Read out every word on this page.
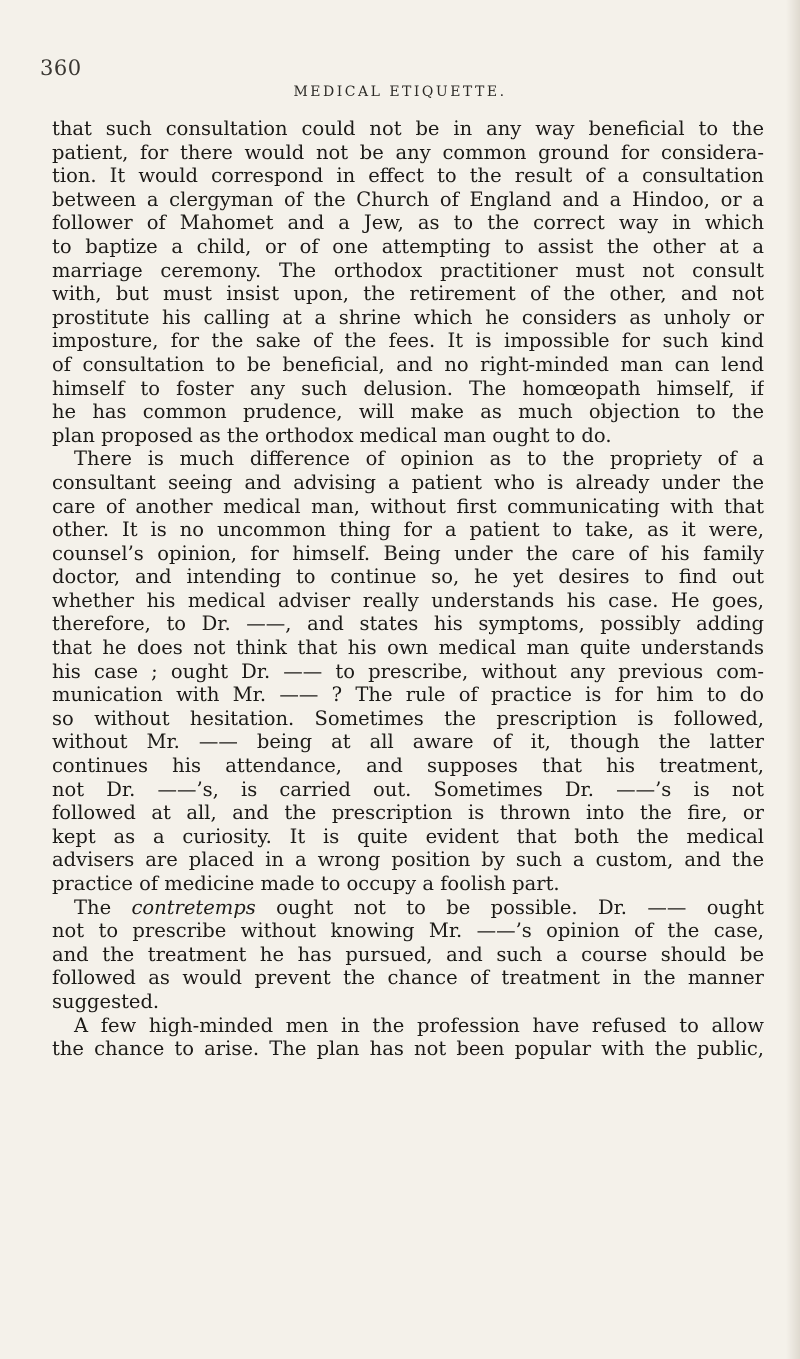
360
MEDICAL ETIQUETTE.
that such consultation could not be in any way beneficial to the
patient, for there would not be any common ground for considera-
tion. It would correspond in effect to the result of a consultation
between a clergyman of the Church of England and a Hindoo, or a
follower of Mahomet and a Jew, as to the correct way in which
to baptize a child, or of one attempting to assist the other at a
marriage ceremony. The orthodox practitioner must not consult
with, but must insist upon, the retirement of the other, and not
prostitute his calling at a shrine which he considers as unholy or
imposture, for the sake of the fees. It is impossible for such kind
of consultation to be beneficial, and no right-minded man can lend
himself to foster any such delusion. The homœopath himself, if
he has common prudence, will make as much objection to the
plan proposed as the orthodox medical man ought to do.
There is much difference of opinion as to the propriety of a
consultant seeing and advising a patient who is already under the
care of another medical man, without first communicating with that
other. It is no uncommon thing for a patient to take, as it were,
counsel’s opinion, for himself. Being under the care of his family
doctor, and intending to continue so, he yet desires to find out
whether his medical adviser really understands his case. He goes,
therefore, to Dr. ——, and states his symptoms, possibly adding
that he does not think that his own medical man quite understands
his case ; ought Dr. —— to prescribe, without any previous com-
munication with Mr. —— ? The rule of practice is for him to do
so without hesitation. Sometimes the prescription is followed,
without Mr. —— being at all aware of it, though the latter
continues his attendance, and supposes that his treatment,
not Dr. ——’s, is carried out. Sometimes Dr. ——’s is not
followed at all, and the prescription is thrown into the fire, or
kept as a curiosity. It is quite evident that both the medical
advisers are placed in a wrong position by such a custom, and the
practice of medicine made to occupy a foolish part.
The contretemps ought not to be possible. Dr. —— ought
not to prescribe without knowing Mr. ——’s opinion of the case,
and the treatment he has pursued, and such a course should be
followed as would prevent the chance of treatment in the manner
suggested.
A few high-minded men in the profession have refused to allow
the chance to arise. The plan has not been popular with the public,
